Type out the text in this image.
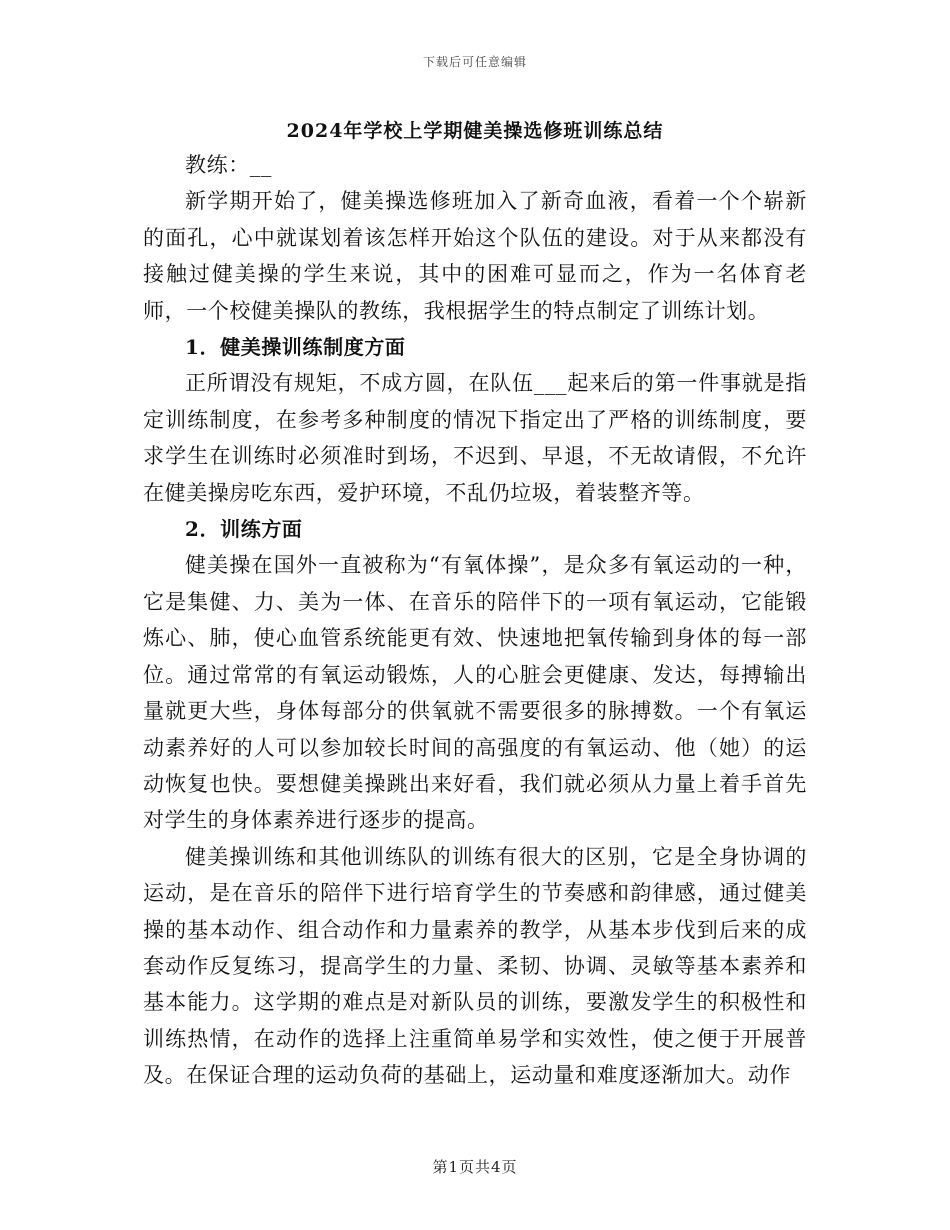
下载后可任意编辑
2024年学校上学期健美操选修班训练总结

教练：__

新学期开始了，健美操选修班加入了新奇血液，看着一个个崭新的面孔，心中就谋划着该怎样开始这个队伍的建设。对于从来都没有接触过健美操的学生来说，其中的困难可显而之，作为一名体育老师，一个校健美操队的教练，我根据学生的特点制定了训练计划。

1．健美操训练制度方面

正所谓没有规矩，不成方圆，在队伍___起来后的第一件事就是指定训练制度，在参考多种制度的情况下指定出了严格的训练制度，要求学生在训练时必须准时到场，不迟到、早退，不无故请假，不允许在健美操房吃东西，爱护环境，不乱仍垃圾，着装整齐等。

2．训练方面

健美操在国外一直被称为“有氧体操”，是众多有氧运动的一种，它是集健、力、美为一体、在音乐的陪伴下的一项有氧运动，它能锻炼心、肺，使心血管系统能更有效、快速地把氧传输到身体的每一部位。通过常常的有氧运动锻炼，人的心脏会更健康、发达，每搏输出量就更大些，身体每部分的供氧就不需要很多的脉搏数。一个有氧运动素养好的人可以参加较长时间的高强度的有氧运动、他（她）的运动恢复也快。要想健美操跳出来好看，我们就必须从力量上着手首先对学生的身体素养进行逐步的提高。

健美操训练和其他训练队的训练有很大的区别，它是全身协调的运动，是在音乐的陪伴下进行培育学生的节奏感和韵律感，通过健美操的基本动作、组合动作和力量素养的教学，从基本步伐到后来的成套动作反复练习，提高学生的力量、柔韧、协调、灵敏等基本素养和基本能力。这学期的难点是对新队员的训练，要激发学生的积极性和训练热情，在动作的选择上注重简单易学和实效性，使之便于开展普及。在保证合理的运动负荷的基础上，运动量和难度逐渐加大。动作

第1页共4页
